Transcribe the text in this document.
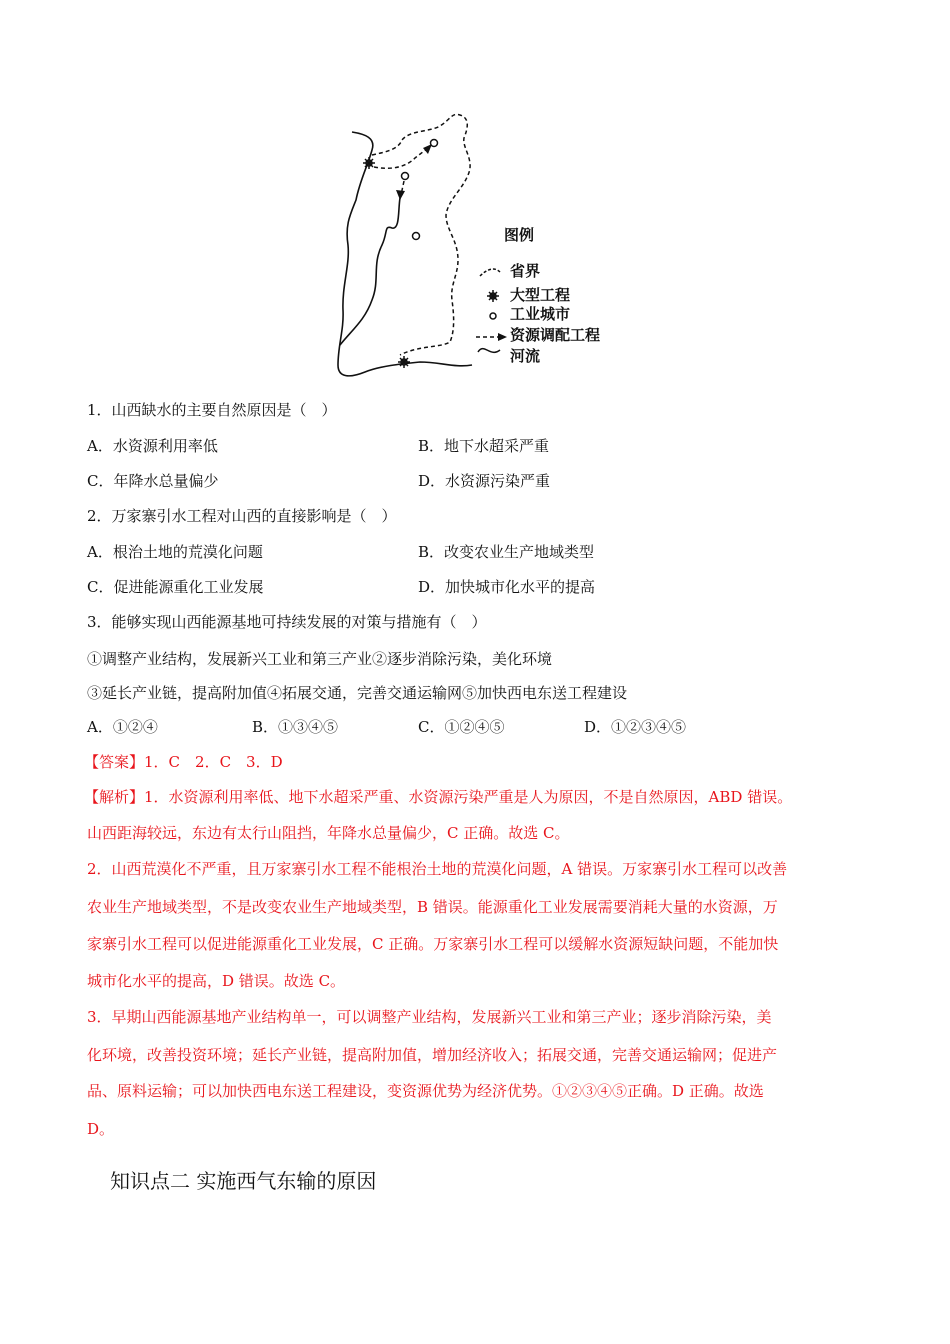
图例
省界
大型工程
工业城市
资源调配工程
河流
1．山西缺水的主要自然原因是（　）
A．水资源利用率低	B．地下水超采严重
C．年降水总量偏少	D．水资源污染严重
2．万家寨引水工程对山西的直接影响是（　）
A．根治土地的荒漠化问题	B．改变农业生产地域类型
C．促进能源重化工业发展	D．加快城市化水平的提高
3．能够实现山西能源基地可持续发展的对策与措施有（　）
①调整产业结构，发展新兴工业和第三产业②逐步消除污染，美化环境
③延长产业链，提高附加值④拓展交通，完善交通运输网⑤加快西电东送工程建设
A．①②④	B．①③④⑤	C．①②④⑤	D．①②③④⑤
【答案】1．C　2．C　3．D
【解析】1．水资源利用率低、地下水超采严重、水资源污染严重是人为原因，不是自然原因，ABD 错误。
山西距海较远，东边有太行山阻挡，年降水总量偏少，C 正确。故选 C。
2．山西荒漠化不严重，且万家寨引水工程不能根治土地的荒漠化问题，A 错误。万家寨引水工程可以改善
农业生产地域类型，不是改变农业生产地域类型，B 错误。能源重化工业发展需要消耗大量的水资源，万
家寨引水工程可以促进能源重化工业发展，C 正确。万家寨引水工程可以缓解水资源短缺问题，不能加快
城市化水平的提高，D 错误。故选 C。
3．早期山西能源基地产业结构单一，可以调整产业结构，发展新兴工业和第三产业；逐步消除污染，美
化环境，改善投资环境；延长产业链，提高附加值，增加经济收入；拓展交通，完善交通运输网；促进产
品、原料运输；可以加快西电东送工程建设，变资源优势为经济优势。①②③④⑤正确。D 正确。故选
D。
知识点二 实施西气东输的原因
